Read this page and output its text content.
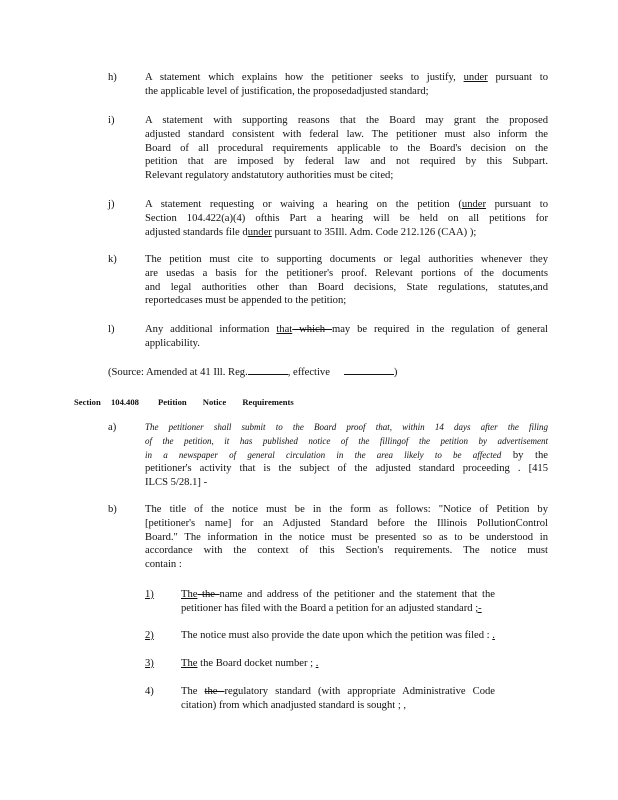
h)	A statement which explains how the petitioner seeks to justify, under pursuant to
the applicable level of justification, the proposedadjusted standard;
i)	A statement with supporting reasons that the Board may grant the proposed
adjusted standard consistent with federal law. The petitioner must also inform the
Board of all procedural requirements applicable to the Board's decision on the
petition that are imposed by federal law and not required by this Subpart.
Relevant regulatory andstatutory authorities must be cited;
j)	A statement requesting or waiving a hearing on the petition (under pursuant to
Section 104.422(a)(4) ofthis Part a hearing will be held on all petitions for
adjusted standards file dunder pursuant to 35Ill. Adm. Code 212.126 (CAA) );
k)	The petition must cite to supporting documents or legal authorities whenever they
are usedas a basis for the petitioner's proof. Relevant portions of the documents
and legal authorities other than Board decisions, State regulations, statutes,and
reportedcases must be appended to the petition;
l)	Any additional information that which may be required in the regulation of general
applicability.
(Source: Amended at 41 Ill. Reg.	, effective	)
Section 104.408 Petition Notice Requirements
a)	The petitioner shall submit to the Board proof that, within 14 days after the filing
of the petition, it has published notice of the fillingof the petition by advertisement
in a newspaper of general circulation in the area likely to be affected by the
petitioner's activity that is the subject of the adjusted standard proceeding . [415
ILCS 5/28.1] -
b)	The title of the notice must be in the form as follows: "Notice of Petition by
[petitioner's name] for an Adjusted Standard before the Illinois PollutionControl
Board." The information in the notice must be presented so as to be understood in
accordance with the context of this Section's requirements. The notice must
contain :
1)	The the name and address of the petitioner and the statement that the
petitioner has filed with the Board a petition for an adjusted standard ;-
2)	The notice must also provide the date upon which the petition was filed : .
3)	The the Board docket number ; .
4)	The the regulatory standard (with appropriate Administrative Code
citation) from which anadjusted standard is sought ; ,
